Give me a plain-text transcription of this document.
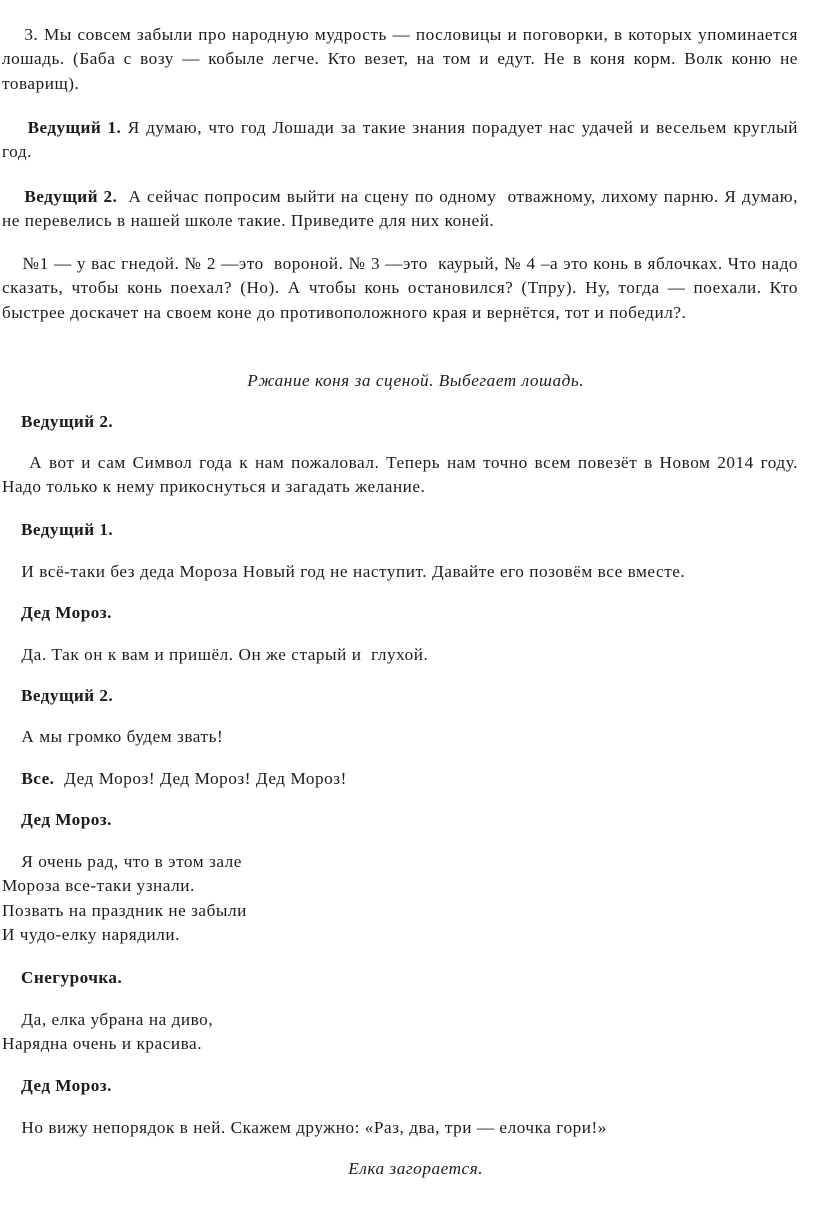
3. Мы совсем забыли про народную мудрость — пословицы и поговорки, в которых упоминается лошадь. (Баба с возу — кобыле легче. Кто везет, на том и едут. Не в коня корм. Волк коню не товарищ).

Ведущий 1. Я думаю, что год Лошади за такие знания порадует нас удачей и весельем круглый год.

Ведущий 2.  А сейчас попросим выйти на сцену по одному  отважному, лихому парню. Я думаю, не перевелись в нашей школе такие. Приведите для них коней.

№1 — у вас гнедой. № 2 —это  вороной. № 3 —это  каурый, № 4 –а это конь в яблочках. Что надо сказать, чтобы конь поехал? (Но). А чтобы конь остановился? (Тпру). Ну, тогда — поехали. Кто быстрее доскачет на своем коне до противоположного края и вернётся, тот и победил?.

Ржание коня за сценой. Выбегает лошадь.

Ведущий 2.

А вот и сам Символ года к нам пожаловал. Теперь нам точно всем повезёт в Новом 2014 году. Надо только к нему прикоснуться и загадать желание.

Ведущий 1.

И всё-таки без деда Мороза Новый год не наступит. Давайте его позовём все вместе.

Дед Мороз.

Да. Так он к вам и пришёл. Он же старый и  глухой.

Ведущий 2.

А мы громко будем звать!

Все.  Дед Мороз! Дед Мороз! Дед Мороз!

Дед Мороз.

Я очень рад, что в этом зале
Мороза все-таки узнали.
Позвать на праздник не забыли
И чудо-елку нарядили.

Снегурочка.

Да, елка убрана на диво,
Нарядна очень и красива.

Дед Мороз.

Но вижу непорядок в ней. Скажем дружно: «Раз, два, три — елочка гори!»

Елка загорается.
